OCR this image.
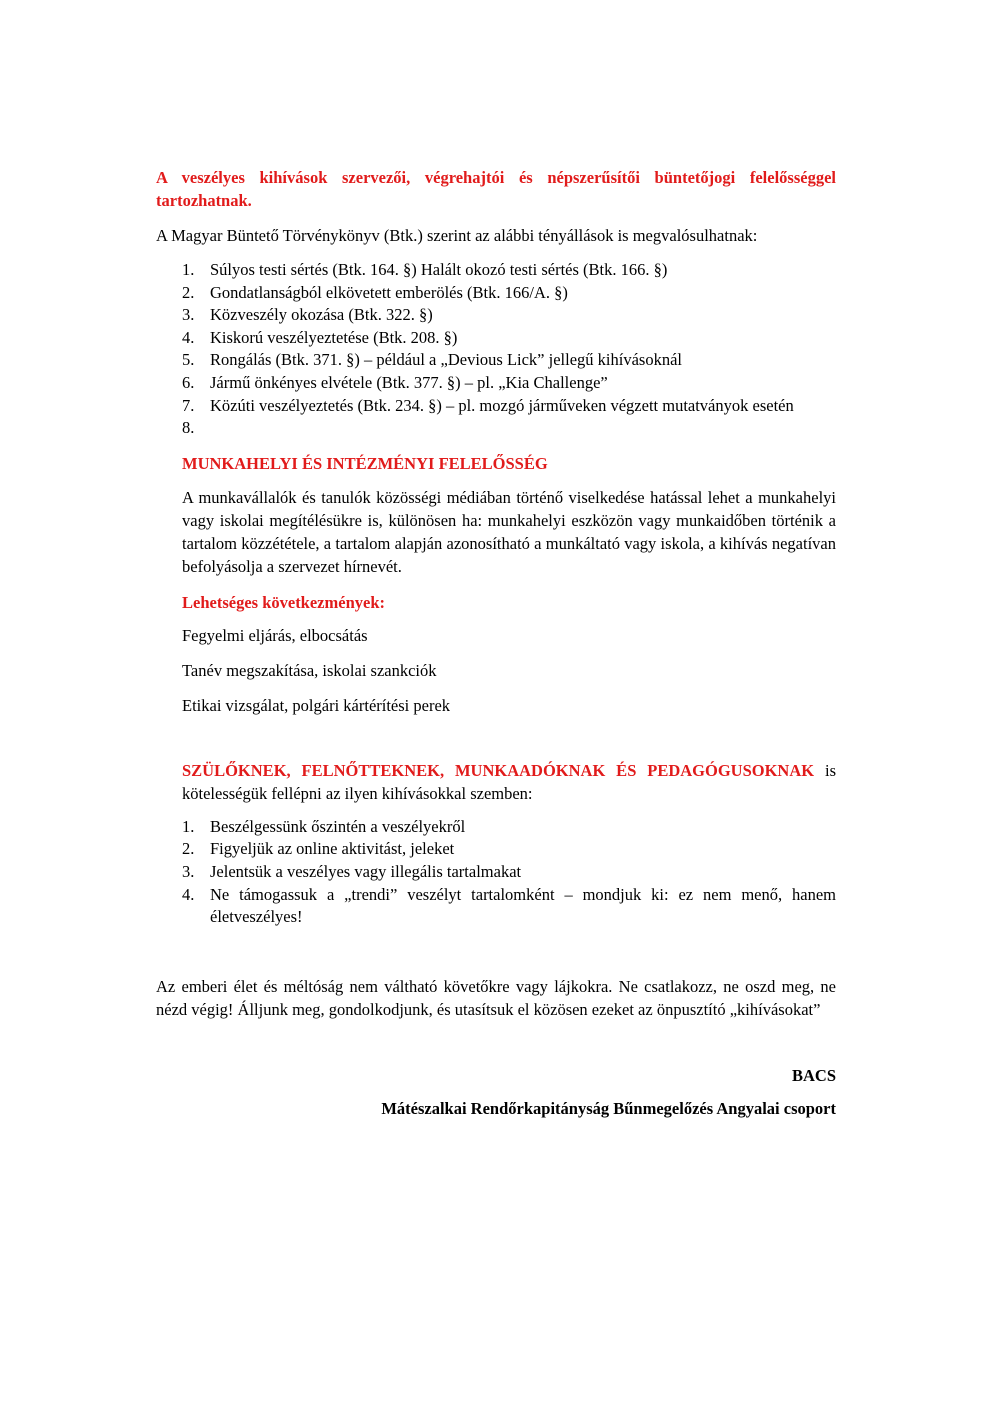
A veszélyes kihívások szervezői, végrehajtói és népszerűsítői büntetőjogi felelősséggel tartozhatnak.

A Magyar Büntető Törvénykönyv (Btk.) szerint az alábbi tényállások is megvalósulhatnak:

1. Súlyos testi sértés (Btk. 164. §) Halált okozó testi sértés (Btk. 166. §)
2. Gondatlanságból elkövetett emberölés (Btk. 166/A. §)
3. Közveszély okozása (Btk. 322. §)
4. Kiskorú veszélyeztetése (Btk. 208. §)
5. Rongálás (Btk. 371. §) – például a „Devious Lick” jellegű kihívásoknál
6. Jármű önkényes elvétele (Btk. 377. §) – pl. „Kia Challenge”
7. Közúti veszélyeztetés (Btk. 234. §) – pl. mozgó járműveken végzett mutatványok esetén
8.

MUNKAHELYI ÉS INTÉZMÉNYI FELELŐSSÉG

A munkavállalók és tanulók közösségi médiában történő viselkedése hatással lehet a munkahelyi vagy iskolai megítélésükre is, különösen ha: munkahelyi eszközön vagy munkaidőben történik a tartalom közzététele, a tartalom alapján azonosítható a munkáltató vagy iskola, a kihívás negatívan befolyásolja a szervezet hírnevét.

Lehetséges következmények:

Fegyelmi eljárás, elbocsátás

Tanév megszakítása, iskolai szankciók

Etikai vizsgálat, polgári kártérítési perek

SZÜLŐKNEK, FELNŐTTEKNEK, MUNKAADÓKNAK ÉS PEDAGÓGUSOKNAK is kötelességük fellépni az ilyen kihívásokkal szemben:

1. Beszélgessünk őszintén a veszélyekről
2. Figyeljük az online aktivitást, jeleket
3. Jelentsük a veszélyes vagy illegális tartalmakat
4. Ne támogassuk a „trendi” veszélyt tartalomként – mondjuk ki: ez nem menő, hanem életveszélyes!

Az emberi élet és méltóság nem váltható követőkre vagy lájkokra. Ne csatlakozz, ne oszd meg, ne nézd végig! Álljunk meg, gondolkodjunk, és utasítsuk el közösen ezeket az önpusztító „kihívásokat”

BACS

Mátészalkai Rendőrkapitányság Bűnmegelőzés Angyalai csoport
